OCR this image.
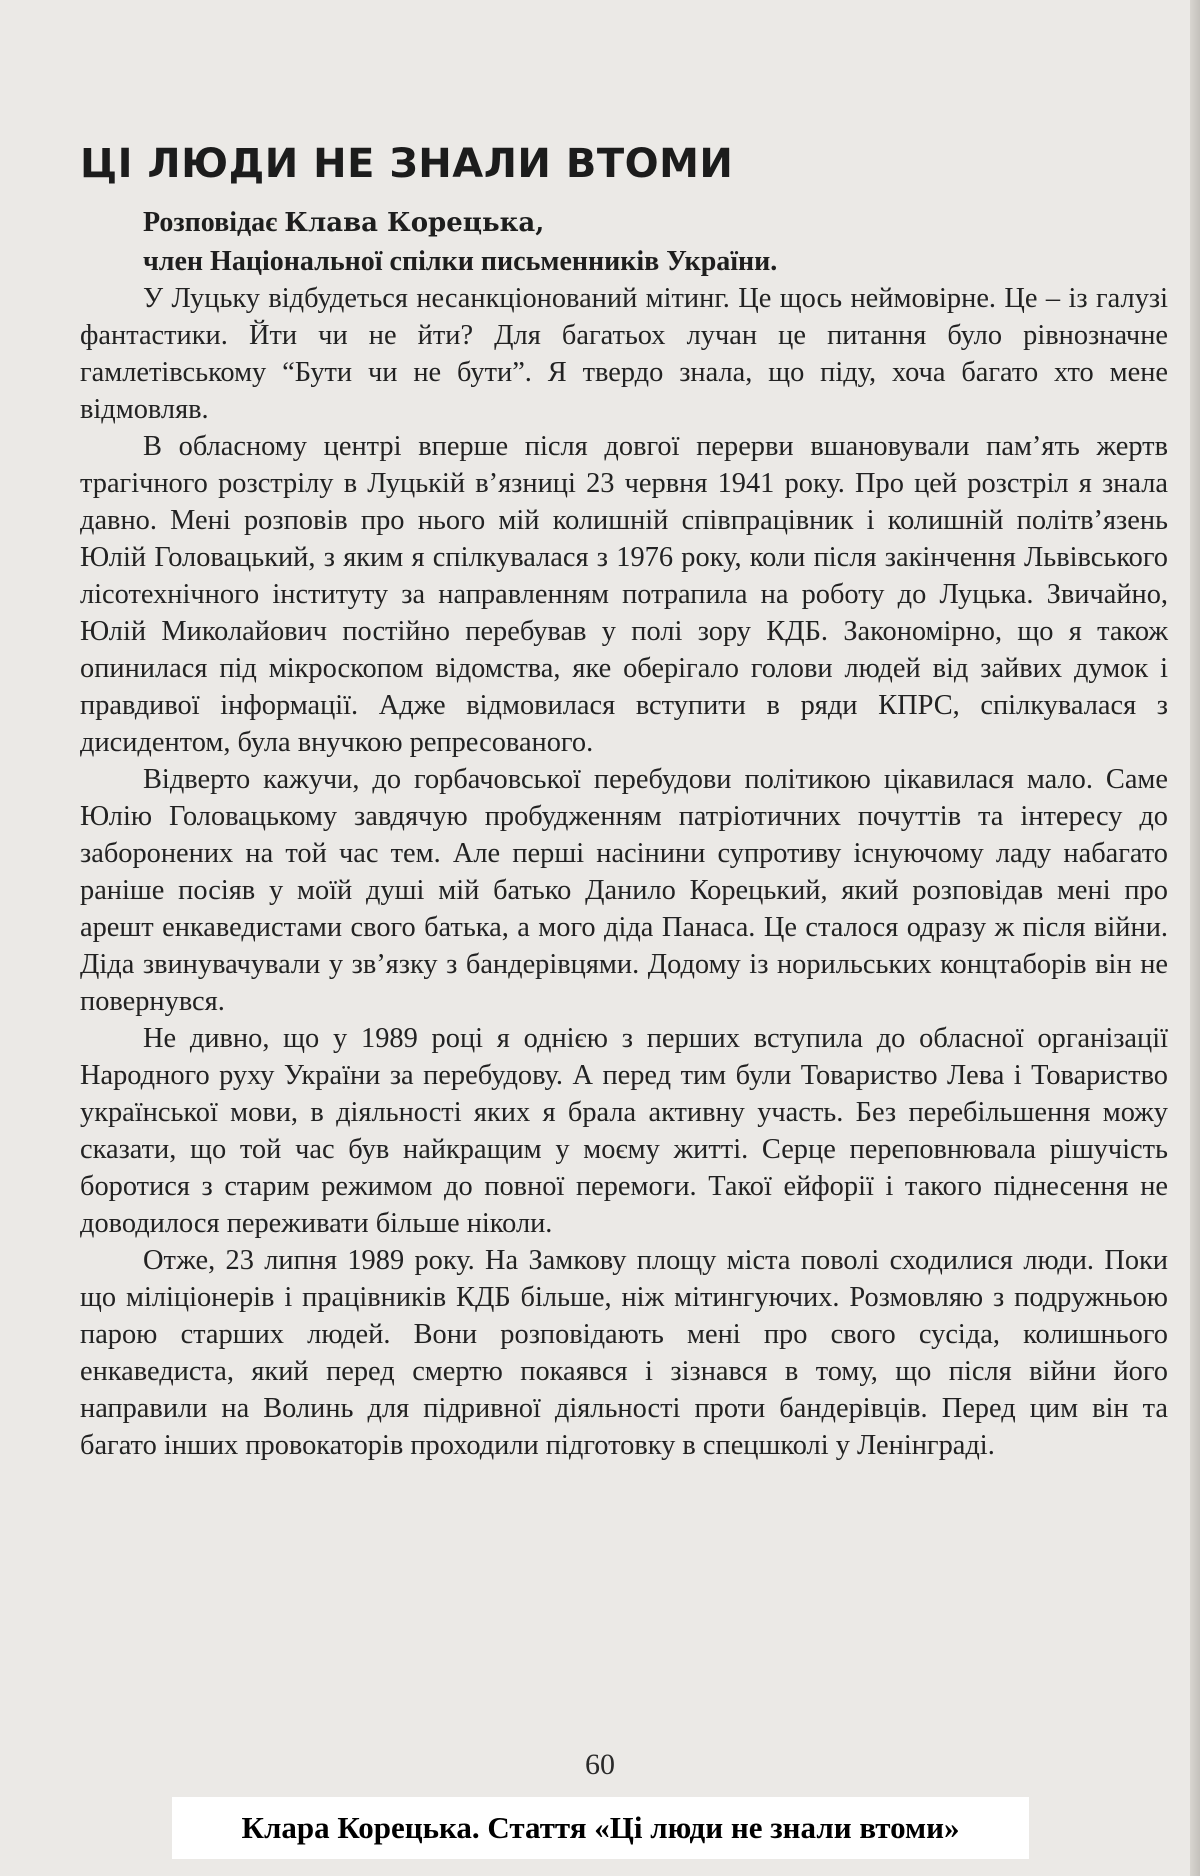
ЦІ ЛЮДИ НЕ ЗНАЛИ ВТОМИ
Розповідає Клава Корецька,
член Національної спілки письменників України.

У Луцьку відбудеться несанкціонований мітинг. Це щось неймовірне. Це – із галузі фантастики. Йти чи не йти? Для багатьох лучан це питання було рівнозначне гамлетівському “Бути чи не бути”. Я твердо знала, що піду, хоча багато хто мене відмовляв.

В обласному центрі вперше після довгої перерви вшановували пам’ять жертв трагічного розстрілу в Луцькій в’язниці 23 червня 1941 року. Про цей розстріл я знала давно. Мені розповів про нього мій колишній співпрацівник і колишній політв’язень Юлій Головацький, з яким я спілкувалася з 1976 року, коли після закінчення Львівського лісотехнічного інституту за направленням потрапила на роботу до Луцька. Звичайно, Юлій Миколайович постійно перебував у полі зору КДБ. Закономірно, що я також опинилася під мікроскопом відомства, яке оберігало голови людей від зайвих думок і правдивої інформації. Адже відмовилася вступити в ряди КПРС, спілкувалася з дисидентом, була внучкою репресованого.

Відверто кажучи, до горбачовської перебудови політикою цікавилася мало. Саме Юлію Головацькому завдячую пробудженням патріотичних почуттів та інтересу до заборонених на той час тем. Але перші насінини супротиву існуючому ладу набагато раніше посіяв у моїй душі мій батько Данило Корецький, який розповідав мені про арешт енкаведистами свого батька, а мого діда Панаса. Це сталося одразу ж після війни. Діда звинувачували у зв’язку з бандерівцями. Додому із норильських концтаборів він не повернувся.

Не дивно, що у 1989 році я однією з перших вступила до обласної організації Народного руху України за перебудову. А перед тим були Товариство Лева і Товариство української мови, в діяльності яких я брала активну участь. Без перебільшення можу сказати, що той час був найкращим у моєму житті. Серце переповнювала рішучість боротися з старим режимом до повної перемоги. Такої ейфорії і такого піднесення не доводилося переживати більше ніколи.

Отже, 23 липня 1989 року. На Замкову площу міста поволі сходилися люди. Поки що міліціонерів і працівників КДБ більше, ніж мітингуючих. Розмовляю з подружньою парою старших людей. Вони розповідають мені про свого сусіда, колишнього енкаведиста, який перед смертю покаявся і зізнався в тому, що після війни його направили на Волинь для підривної діяльності проти бандерівців. Перед цим він та багато інших провокаторів проходили підготовку в спецшколі у Ленінграді.

60
Клара Корецька. Стаття «Ці люди не знали втоми»
